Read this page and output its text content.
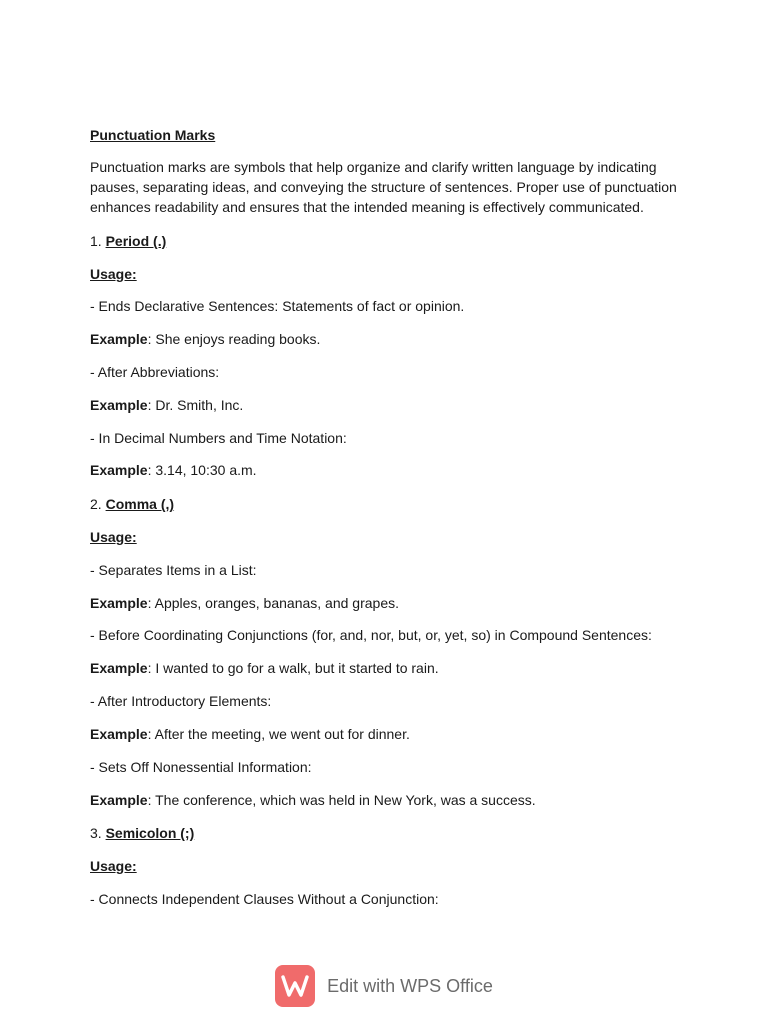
Punctuation Marks
Punctuation marks are symbols that help organize and clarify written language by indicating pauses, separating ideas, and conveying the structure of sentences. Proper use of punctuation enhances readability and ensures that the intended meaning is effectively communicated.
1. Period (.)
Usage:
- Ends Declarative Sentences: Statements of fact or opinion.
Example: She enjoys reading books.
- After Abbreviations:
Example: Dr. Smith, Inc.
- In Decimal Numbers and Time Notation:
Example: 3.14, 10:30 a.m.
2. Comma (,)
Usage:
- Separates Items in a List:
Example: Apples, oranges, bananas, and grapes.
- Before Coordinating Conjunctions (for, and, nor, but, or, yet, so) in Compound Sentences:
Example: I wanted to go for a walk, but it started to rain.
- After Introductory Elements:
Example: After the meeting, we went out for dinner.
- Sets Off Nonessential Information:
Example: The conference, which was held in New York, was a success.
3. Semicolon (;)
Usage:
- Connects Independent Clauses Without a Conjunction:
Edit with WPS Office
